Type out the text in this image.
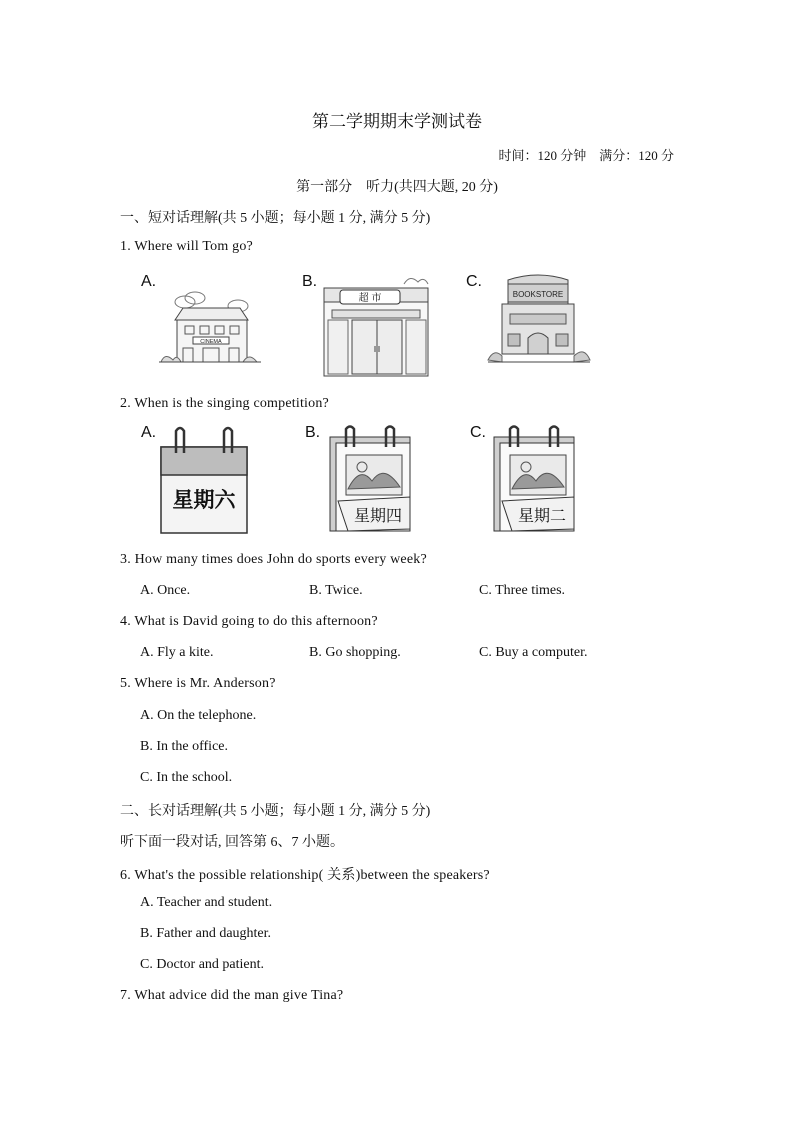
第二学期期末学测试卷
时间：120 分钟　满分：120 分
第一部分　听力(共四大题, 20 分)
一、短对话理解(共 5 小题；每小题 1 分, 满分 5 分)
1. Where will Tom go?
A.
CINEMA
B.
超 市
C.
BOOKSTORE
2. When is the singing competition?
A.
星期六
B.
星期四
C.
星期二
3. How many times does John do sports every week?
A. Once.	B. Twice.	C. Three times.
4. What is David going to do this afternoon?
A. Fly a kite.	B. Go shopping.	C. Buy a computer.
5. Where is Mr. Anderson?
A. On the telephone.
B. In the office.
C. In the school.
二、长对话理解(共 5 小题；每小题 1 分, 满分 5 分)
听下面一段对话, 回答第 6、7 小题。
6. What's the possible relationship( 关系)between the speakers?
A. Teacher and student.
B. Father and daughter.
C. Doctor and patient.
7. What advice did the man give Tina?
